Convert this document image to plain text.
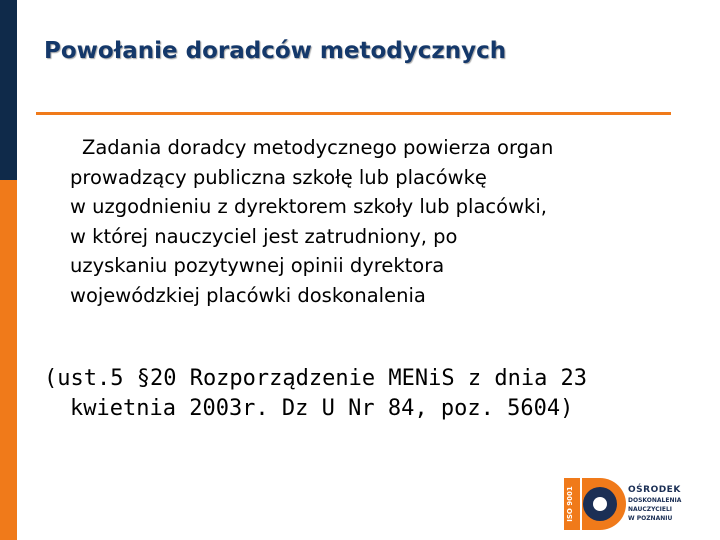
Powołanie doradców metodycznych
Zadania doradcy metodycznego powierza organ
prowadzący publiczna szkołę lub placówkę
w uzgodnieniu z dyrektorem szkoły lub placówki,
w której nauczyciel jest zatrudniony, po
uzyskaniu pozytywnej opinii dyrektora
wojewódzkiej placówki doskonalenia
(ust.5 §20 Rozporządzenie MENiS z dnia 23
kwietnia 2003r. Dz U Nr 84, poz. 5604)
ISO 9001	OŚRODEK
DOSKONALENIA
NAUCZYCIELI
W POZNANIU
